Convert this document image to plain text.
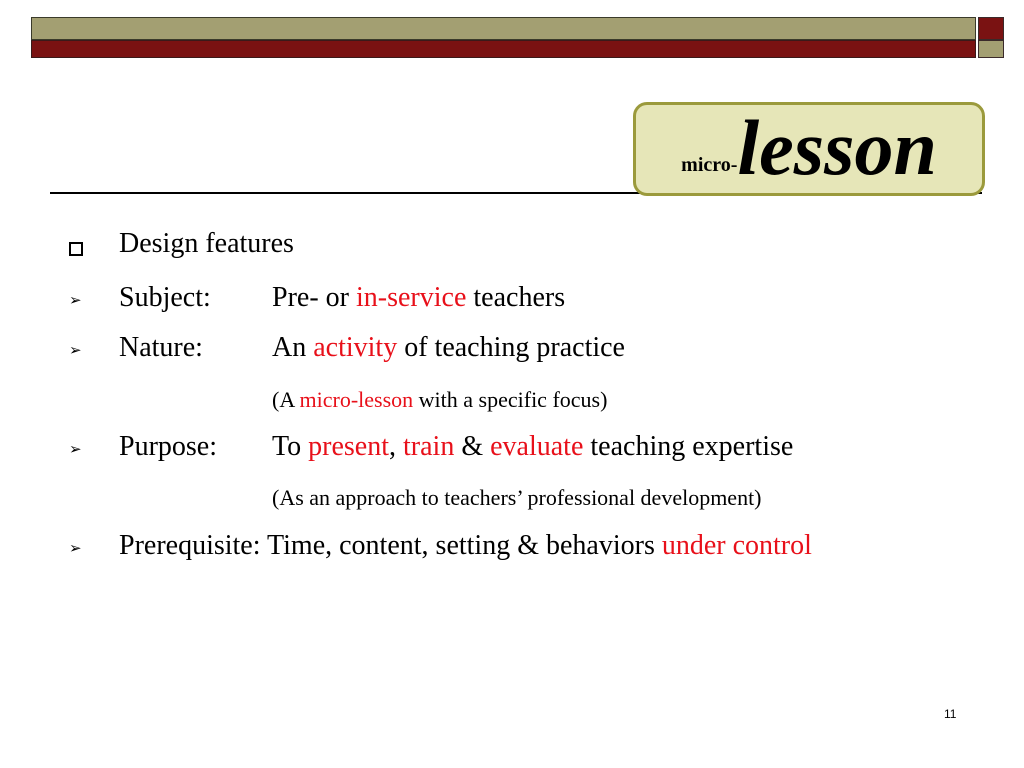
micro- lesson
Design features
➢ Subject: Pre- or in-service teachers
➢ Nature: An activity of teaching practice
(A micro-lesson with a specific focus)
➢ Purpose: To present, train & evaluate teaching expertise
(As an approach to teachers’ professional development)
➢ Prerequisite: Time, content, setting & behaviors under control
11
